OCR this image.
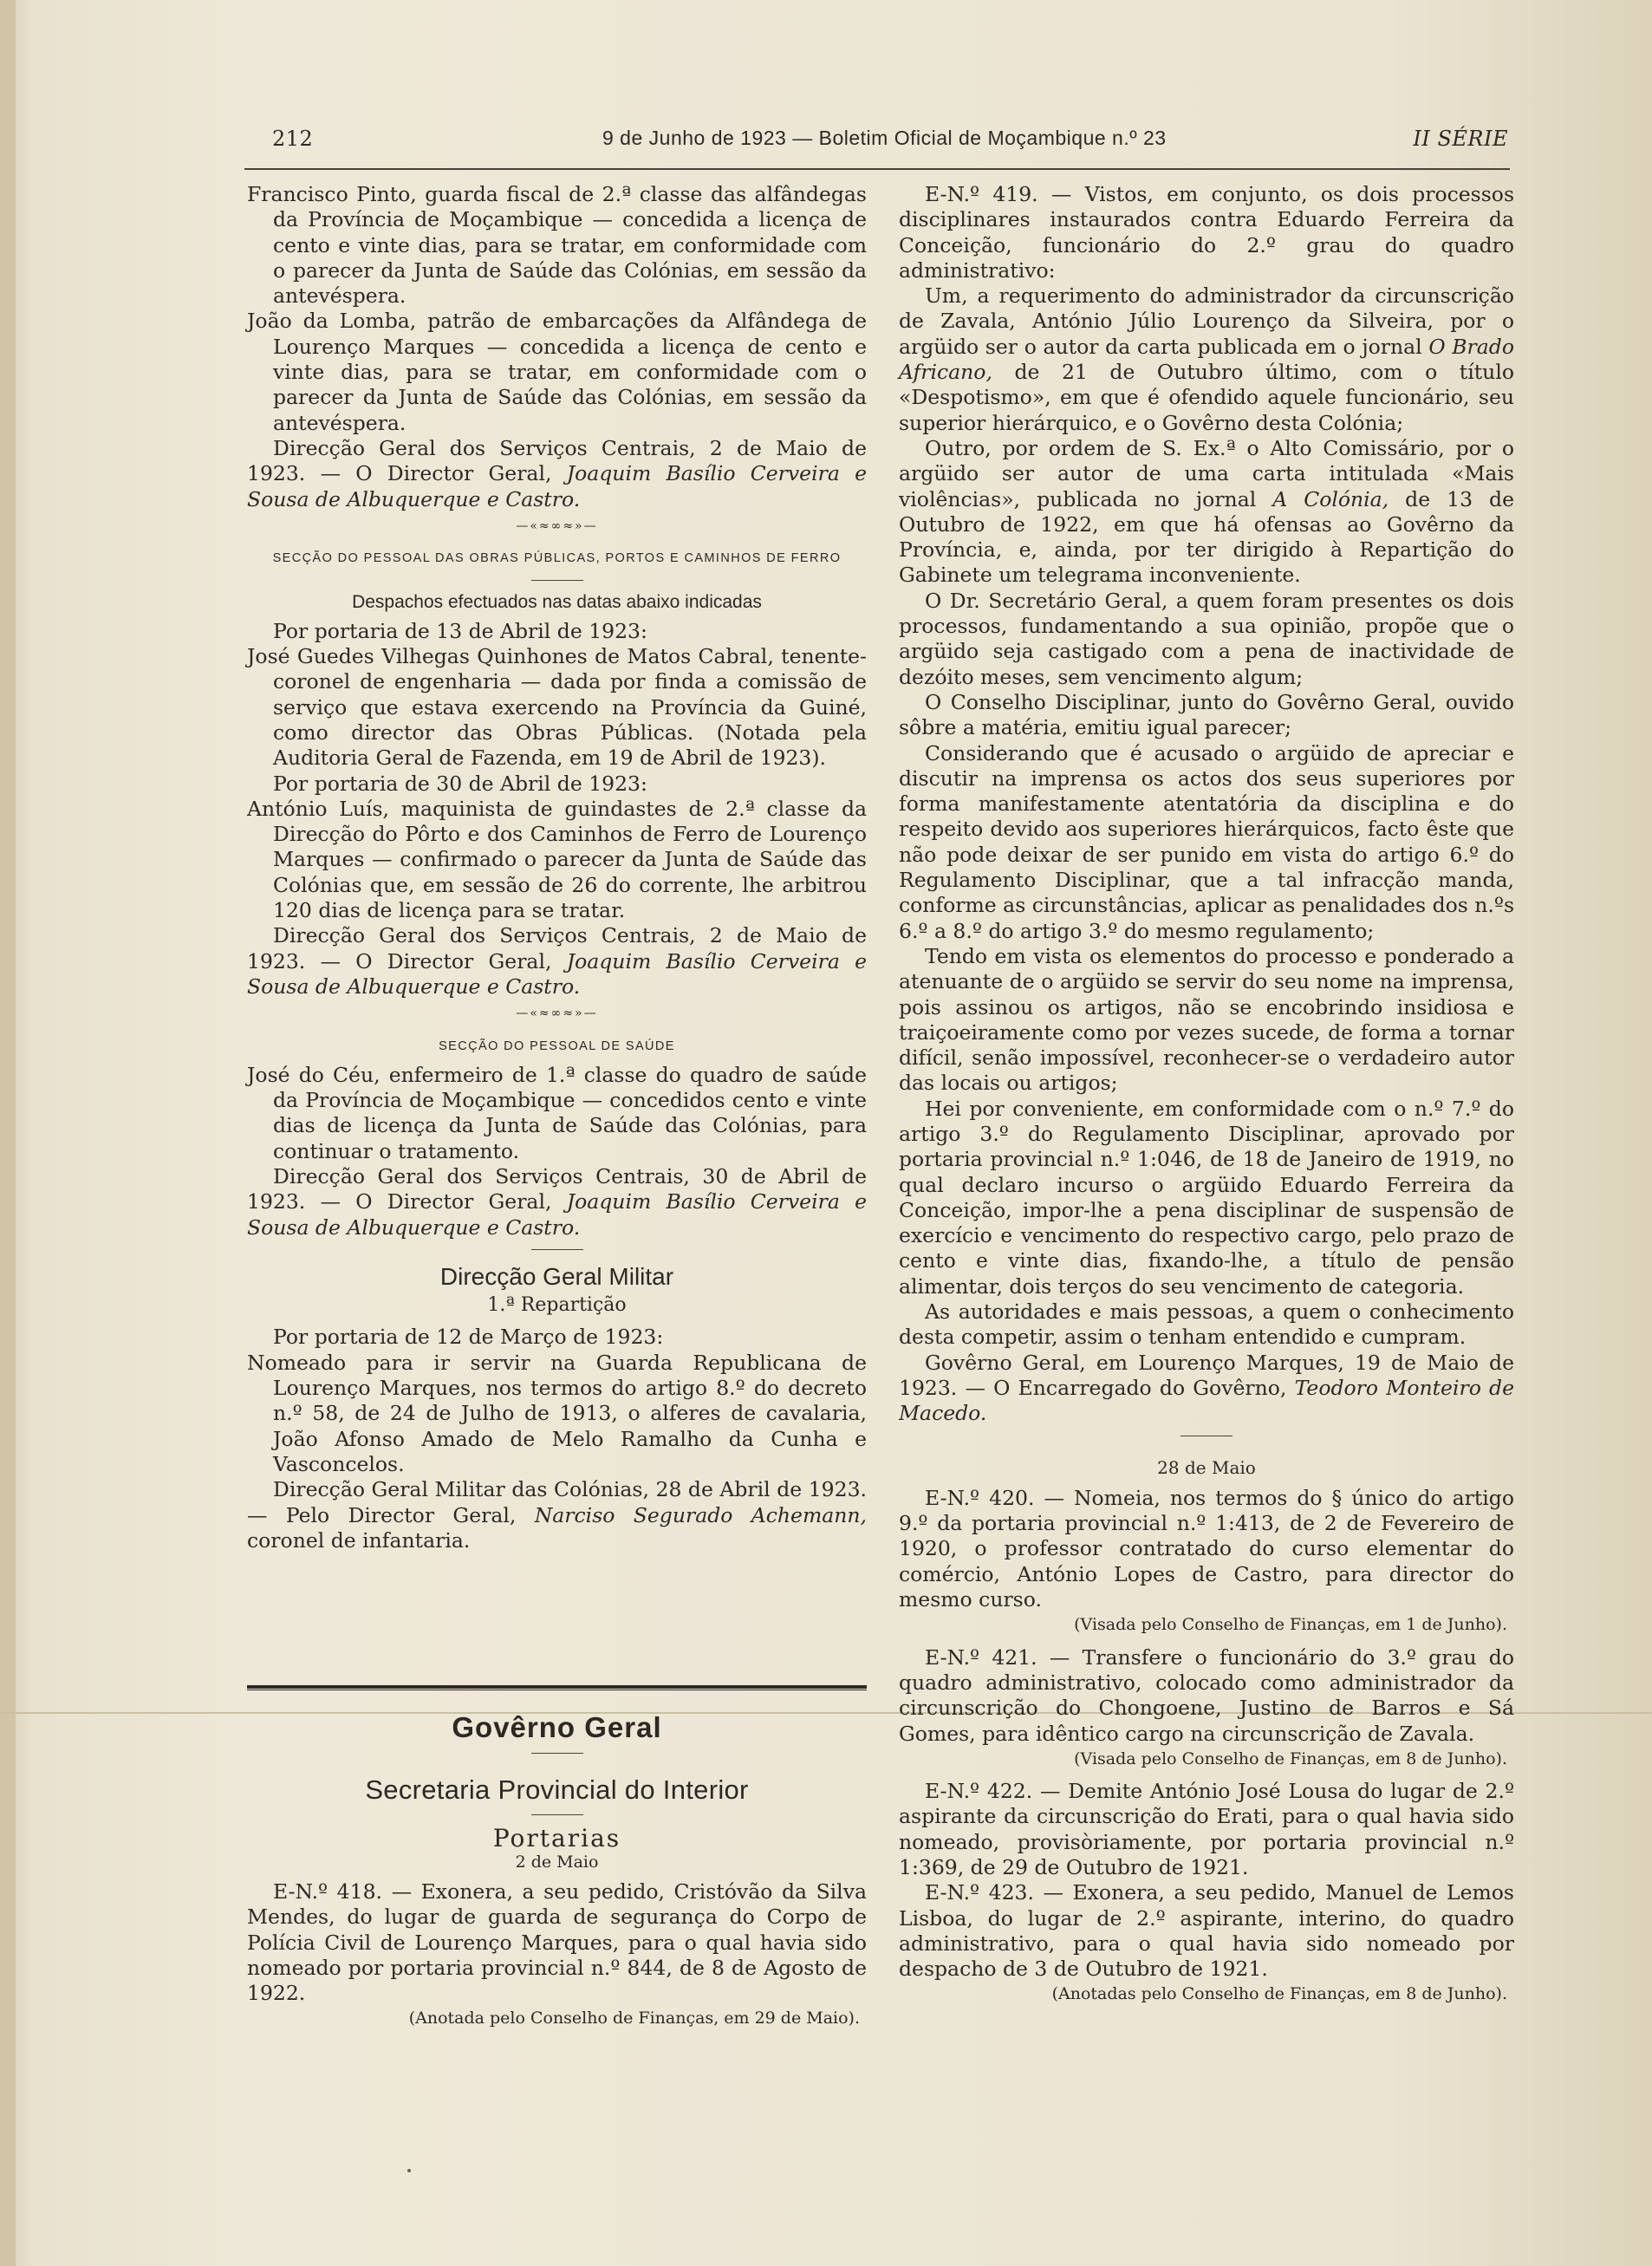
212	9 de Junho de 1923 — Boletim Oficial de Moçambique n.º 23	II SÉRIE

Francisco Pinto, guarda fiscal de 2.ª classe das alfândegas da Província de Moçambique — concedida a licença de cento e vinte dias, para se tratar, em conformidade com o parecer da Junta de Saúde das Colónias, em sessão da antevéspera.

João da Lomba, patrão de embarcações da Alfândega de Lourenço Marques — concedida a licença de cento e vinte dias, para se tratar, em conformidade com o parecer da Junta de Saúde das Colónias, em sessão da antevéspera.

Direcção Geral dos Serviços Centrais, 2 de Maio de 1923. — O Director Geral, Joaquim Basílio Cerveira e Sousa de Albuquerque e Castro.

—«≈∞≈»—
SECÇÃO DO PESSOAL DAS OBRAS PÚBLICAS, PORTOS E CAMINHOS DE FERRO
Despachos efectuados nas datas abaixo indicadas

Por portaria de 13 de Abril de 1923:

José Guedes Vilhegas Quinhones de Matos Cabral, tenente-coronel de engenharia — dada por finda a comissão de serviço que estava exercendo na Província da Guiné, como director das Obras Públicas. (Notada pela Auditoria Geral de Fazenda, em 19 de Abril de 1923).

Por portaria de 30 de Abril de 1923:

António Luís, maquinista de guindastes de 2.ª classe da Direcção do Pôrto e dos Caminhos de Ferro de Lourenço Marques — confirmado o parecer da Junta de Saúde das Colónias que, em sessão de 26 do corrente, lhe arbitrou 120 dias de licença para se tratar.

Direcção Geral dos Serviços Centrais, 2 de Maio de 1923. — O Director Geral, Joaquim Basílio Cerveira e Sousa de Albuquerque e Castro.

—«≈∞≈»—
SECÇÃO DO PESSOAL DE SAÚDE

José do Céu, enfermeiro de 1.ª classe do quadro de saúde da Província de Moçambique — concedidos cento e vinte dias de licença da Junta de Saúde das Colónias, para continuar o tratamento.

Direcção Geral dos Serviços Centrais, 30 de Abril de 1923. — O Director Geral, Joaquim Basílio Cerveira e Sousa de Albuquerque e Castro.

Direcção Geral Militar
1.ª Repartição

Por portaria de 12 de Março de 1923:

Nomeado para ir servir na Guarda Republicana de Lourenço Marques, nos termos do artigo 8.º do decreto n.º 58, de 24 de Julho de 1913, o alferes de cavalaria, João Afonso Amado de Melo Ramalho da Cunha e Vasconcelos.

Direcção Geral Militar das Colónias, 28 de Abril de 1923. — Pelo Director Geral, Narciso Segurado Achemann, coronel de infantaria.

Govêrno Geral
Secretaria Provincial do Interior
Portarias
2 de Maio

E-N.º 418. — Exonera, a seu pedido, Cristóvão da Silva Mendes, do lugar de guarda de segurança do Corpo de Polícia Civil de Lourenço Marques, para o qual havia sido nomeado por portaria provincial n.º 844, de 8 de Agosto de 1922.

(Anotada pelo Conselho de Finanças, em 29 de Maio).

E-N.º 419. — Vistos, em conjunto, os dois processos disciplinares instaurados contra Eduardo Ferreira da Conceição, funcionário do 2.º grau do quadro administrativo:

Um, a requerimento do administrador da circunscrição de Zavala, António Júlio Lourenço da Silveira, por o argüido ser o autor da carta publicada em o jornal O Brado Africano, de 21 de Outubro último, com o título «Despotismo», em que é ofendido aquele funcionário, seu superior hierárquico, e o Govêrno desta Colónia;

Outro, por ordem de S. Ex.ª o Alto Comissário, por o argüido ser autor de uma carta intitulada «Mais violências», publicada no jornal A Colónia, de 13 de Outubro de 1922, em que há ofensas ao Govêrno da Província, e, ainda, por ter dirigido à Repartição do Gabinete um telegrama inconveniente.

O Dr. Secretário Geral, a quem foram presentes os dois processos, fundamentando a sua opinião, propõe que o argüido seja castigado com a pena de inactividade de dezóito meses, sem vencimento algum;

O Conselho Disciplinar, junto do Govêrno Geral, ouvido sôbre a matéria, emitiu igual parecer;

Considerando que é acusado o argüido de apreciar e discutir na imprensa os actos dos seus superiores por forma manifestamente atentatória da disciplina e do respeito devido aos superiores hierárquicos, facto êste que não pode deixar de ser punido em vista do artigo 6.º do Regulamento Disciplinar, que a tal infracção manda, conforme as circunstâncias, aplicar as penalidades dos n.ºs 6.º a 8.º do artigo 3.º do mesmo regulamento;

Tendo em vista os elementos do processo e ponderado a atenuante de o argüido se servir do seu nome na imprensa, pois assinou os artigos, não se encobrindo insidiosa e traiçoeiramente como por vezes sucede, de forma a tornar difícil, senão impossível, reconhecer-se o verdadeiro autor das locais ou artigos;

Hei por conveniente, em conformidade com o n.º 7.º do artigo 3.º do Regulamento Disciplinar, aprovado por portaria provincial n.º 1:046, de 18 de Janeiro de 1919, no qual declaro incurso o argüido Eduardo Ferreira da Conceição, impor-lhe a pena disciplinar de suspensão de exercício e vencimento do respectivo cargo, pelo prazo de cento e vinte dias, fixando-lhe, a título de pensão alimentar, dois terços do seu vencimento de categoria.

As autoridades e mais pessoas, a quem o conhecimento desta competir, assim o tenham entendido e cumpram.

Govêrno Geral, em Lourenço Marques, 19 de Maio de 1923. — O Encarregado do Govêrno, Teodoro Monteiro de Macedo.

28 de Maio

E-N.º 420. — Nomeia, nos termos do § único do artigo 9.º da portaria provincial n.º 1:413, de 2 de Fevereiro de 1920, o professor contratado do curso elementar do comércio, António Lopes de Castro, para director do mesmo curso.

(Visada pelo Conselho de Finanças, em 1 de Junho).

E-N.º 421. — Transfere o funcionário do 3.º grau do quadro administrativo, colocado como administrador da circunscrição do Chongoene, Justino de Barros e Sá Gomes, para idêntico cargo na circunscrição de Zavala.

(Visada pelo Conselho de Finanças, em 8 de Junho).

E-N.º 422. — Demite António José Lousa do lugar de 2.º aspirante da circunscrição do Erati, para o qual havia sido nomeado, provisòriamente, por portaria provincial n.º 1:369, de 29 de Outubro de 1921.

E-N.º 423. — Exonera, a seu pedido, Manuel de Lemos Lisboa, do lugar de 2.º aspirante, interino, do quadro administrativo, para o qual havia sido nomeado por despacho de 3 de Outubro de 1921.

(Anotadas pelo Conselho de Finanças, em 8 de Junho).
